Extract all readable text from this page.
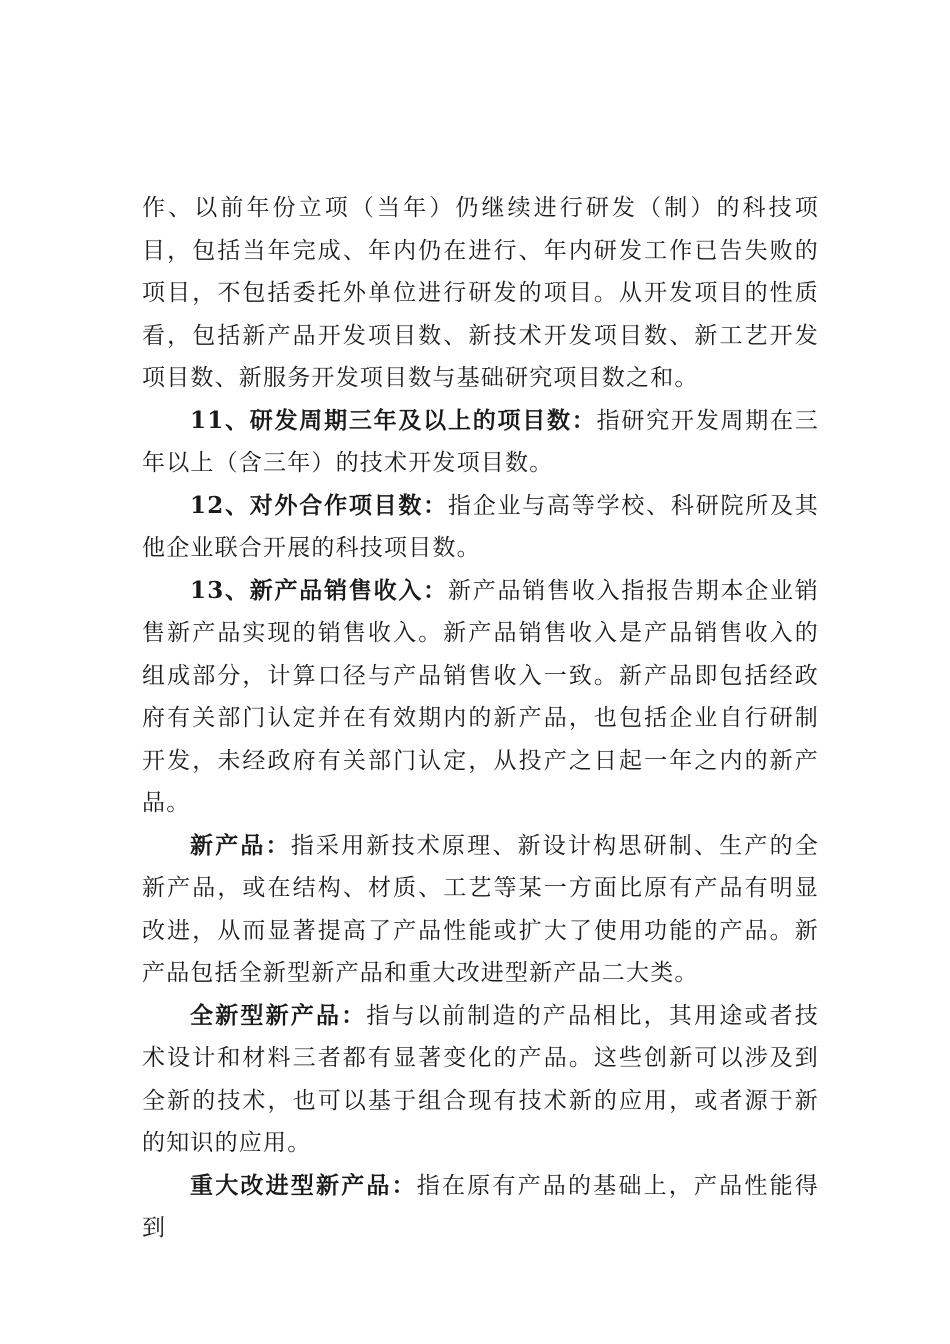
作、以前年份立项（当年）仍继续进行研发（制）的科技项目，包括当年完成、年内仍在进行、年内研发工作已告失败的项目，不包括委托外单位进行研发的项目。从开发项目的性质看，包括新产品开发项目数、新技术开发项目数、新工艺开发项目数、新服务开发项目数与基础研究项目数之和。

11、研发周期三年及以上的项目数：指研究开发周期在三年以上（含三年）的技术开发项目数。

12、对外合作项目数：指企业与高等学校、科研院所及其他企业联合开展的科技项目数。

13、新产品销售收入：新产品销售收入指报告期本企业销售新产品实现的销售收入。新产品销售收入是产品销售收入的组成部分，计算口径与产品销售收入一致。新产品即包括经政府有关部门认定并在有效期内的新产品，也包括企业自行研制开发，未经政府有关部门认定，从投产之日起一年之内的新产品。

新产品：指采用新技术原理、新设计构思研制、生产的全新产品，或在结构、材质、工艺等某一方面比原有产品有明显改进，从而显著提高了产品性能或扩大了使用功能的产品。新产品包括全新型新产品和重大改进型新产品二大类。

全新型新产品：指与以前制造的产品相比，其用途或者技术设计和材料三者都有显著变化的产品。这些创新可以涉及到全新的技术，也可以基于组合现有技术新的应用，或者源于新的知识的应用。

重大改进型新产品：指在原有产品的基础上，产品性能得到
